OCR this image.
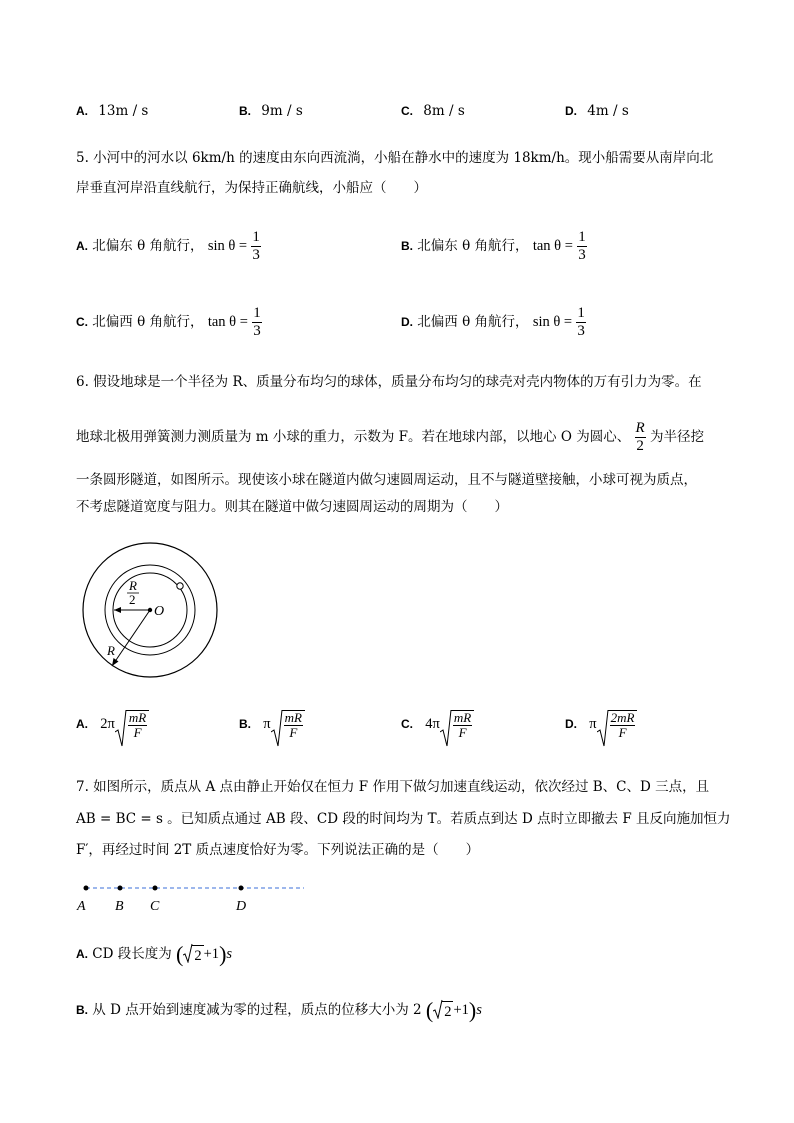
A. 13m / s	B. 9m / s	C. 8m / s	D. 4m / s
5. 小河中的河水以 6km/h 的速度由东向西流淌，小船在静水中的速度为 18km/h。现小船需要从南岸向北
岸垂直河岸沿直线航行，为保持正确航线，小船应（　　）
A. 北偏东 θ 角航行， $\sin \theta = \frac{1}{3}$	B. 北偏东 θ 角航行， $\tan \theta = \frac{1}{3}$
C. 北偏西 θ 角航行， $\tan \theta = \frac{1}{3}$	D. 北偏西 θ 角航行， $\sin \theta = \frac{1}{3}$
6. 假设地球是一个半径为 R、质量分布均匀的球体，质量分布均匀的球壳对壳内物体的万有引力为零。在
地球北极用弹簧测力测质量为 m 小球的重力，示数为 F。若在地球内部，以地心 O 为圆心、 $\frac{R}{2}$ 为半径挖
一条圆形隧道，如图所示。现使该小球在隧道内做匀速圆周运动，且不与隧道壁接触，小球可视为质点，
不考虑隧道宽度与阻力。则其在隧道中做匀速圆周运动的周期为（　　）
R
2
O
R
A. $2\pi \frac{mR}{F}$	B. π $\frac{mR}{F}$	C. $4\pi \frac{mR}{F}$	D. π $\frac{2mR}{F}$
7. 如图所示，质点从 A 点由静止开始仅在恒力 F 作用下做匀加速直线运动，依次经过 B、C、D 三点，且
AB = BC = s 。已知质点通过 AB 段、CD 段的时间均为 T。若质点到达 D 点时立即撤去 F 且反向施加恒力
F′，再经过时间 2T 质点速度恰好为零。下列说法正确的是（　　）
A B C	D
A. CD 段长度为 ( 2 +1)s
B. 从 D 点开始到速度减为零的过程，质点的位移大小为 2 ( 2 +1)s
